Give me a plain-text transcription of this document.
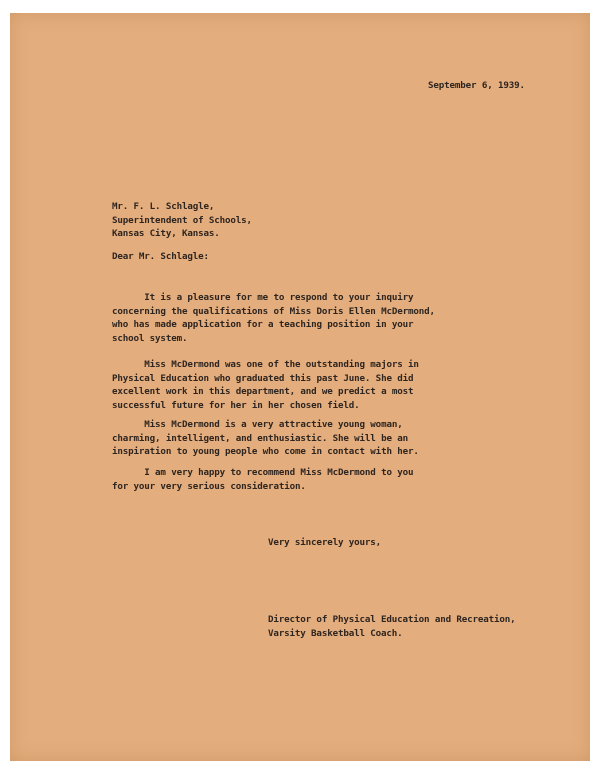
September 6, 1939.

Mr. F. L. Schlagle,
Superintendent of Schools,
Kansas City, Kansas.

Dear Mr. Schlagle:

It is a pleasure for me to respond to your inquiry
concerning the qualifications of Miss Doris Ellen McDermond,
who has made application for a teaching position in your
school system.

Miss McDermond was one of the outstanding majors in
Physical Education who graduated this past June. She did
excellent work in this department, and we predict a most
successful future for her in her chosen field.

Miss McDermond is a very attractive young woman,
charming, intelligent, and enthusiastic. She will be an
inspiration to young people who come in contact with her.

I am very happy to recommend Miss McDermond to you
for your very serious consideration.

Very sincerely yours,

Director of Physical Education and Recreation,
Varsity Basketball Coach.
